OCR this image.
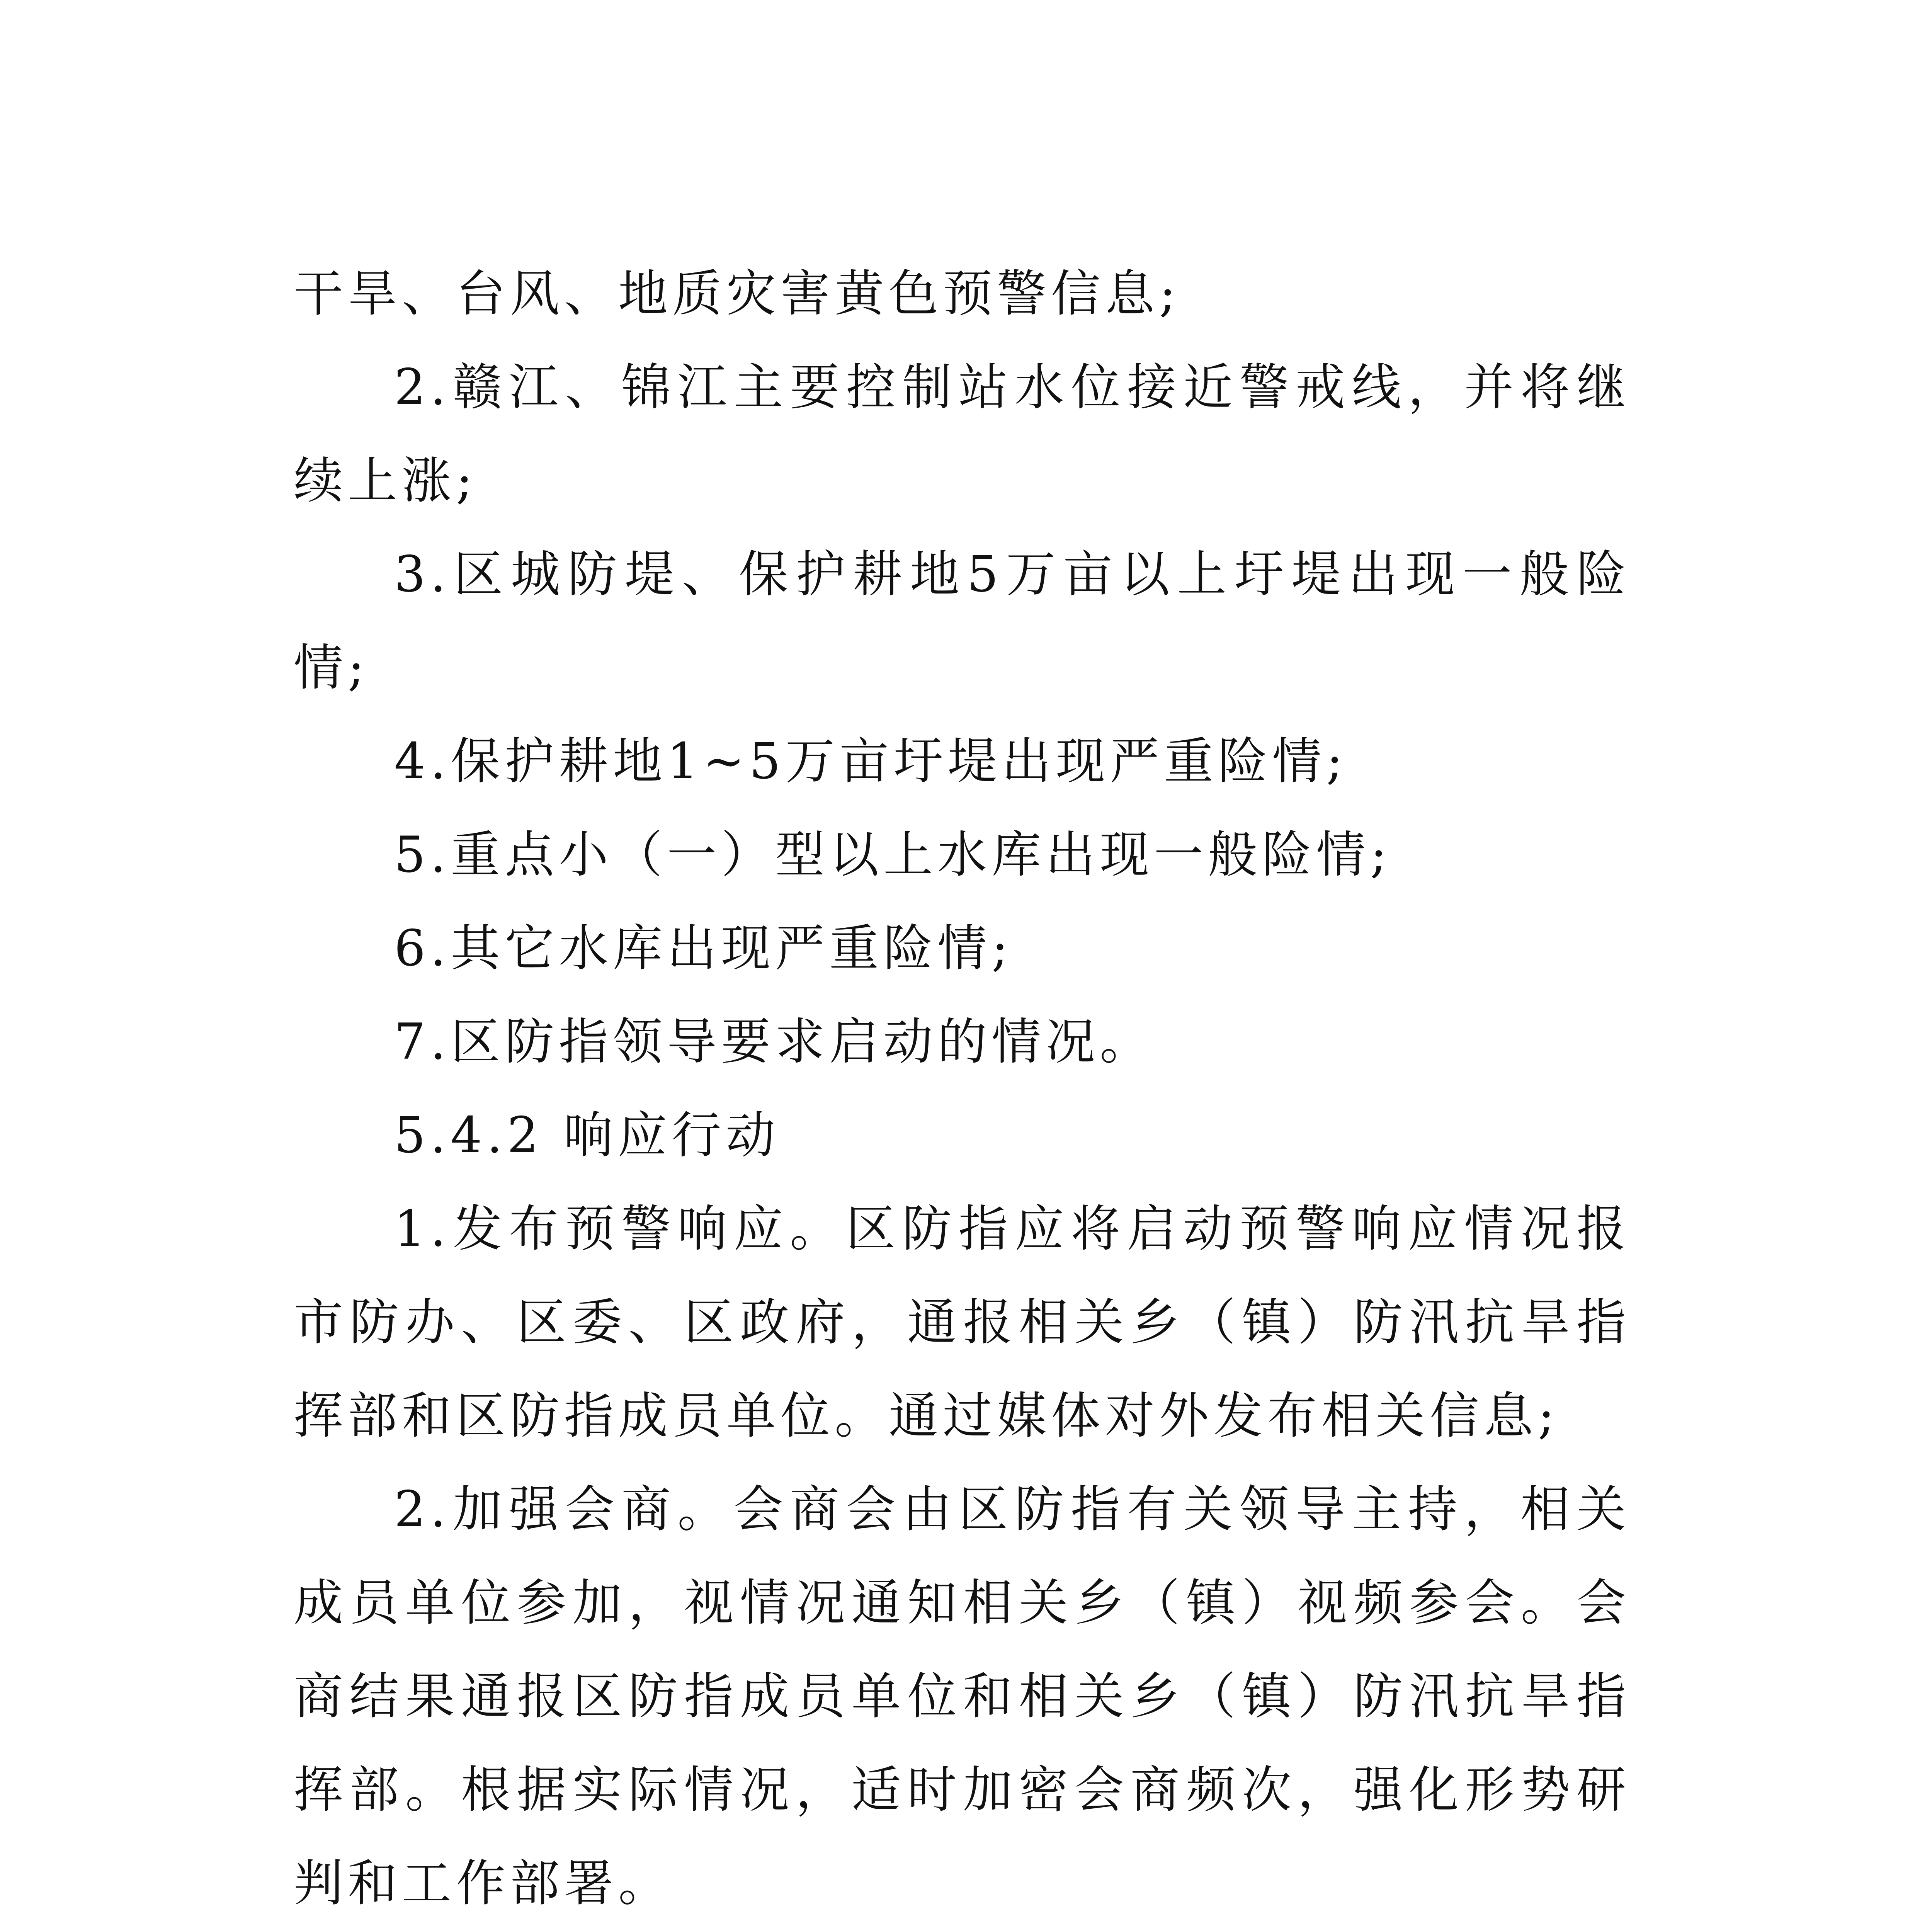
干旱、台风、地质灾害黄色预警信息;

2.赣江、锦江主要控制站水位接近警戒线，并将继续上涨;

3.区城防堤、保护耕地5万亩以上圩堤出现一般险情;

4.保护耕地1~5万亩圩堤出现严重险情;

5.重点小（一）型以上水库出现一般险情;

6.其它水库出现严重险情;

7.区防指领导要求启动的情况。

5.4.2 响应行动

1.发布预警响应。区防指应将启动预警响应情况报市防办、区委、区政府，通报相关乡（镇）防汛抗旱指挥部和区防指成员单位。通过媒体对外发布相关信息;

2.加强会商。会商会由区防指有关领导主持，相关成员单位参加，视情况通知相关乡（镇）视频参会。会商结果通报区防指成员单位和相关乡（镇）防汛抗旱指挥部。根据实际情况，适时加密会商频次，强化形势研判和工作部署。
